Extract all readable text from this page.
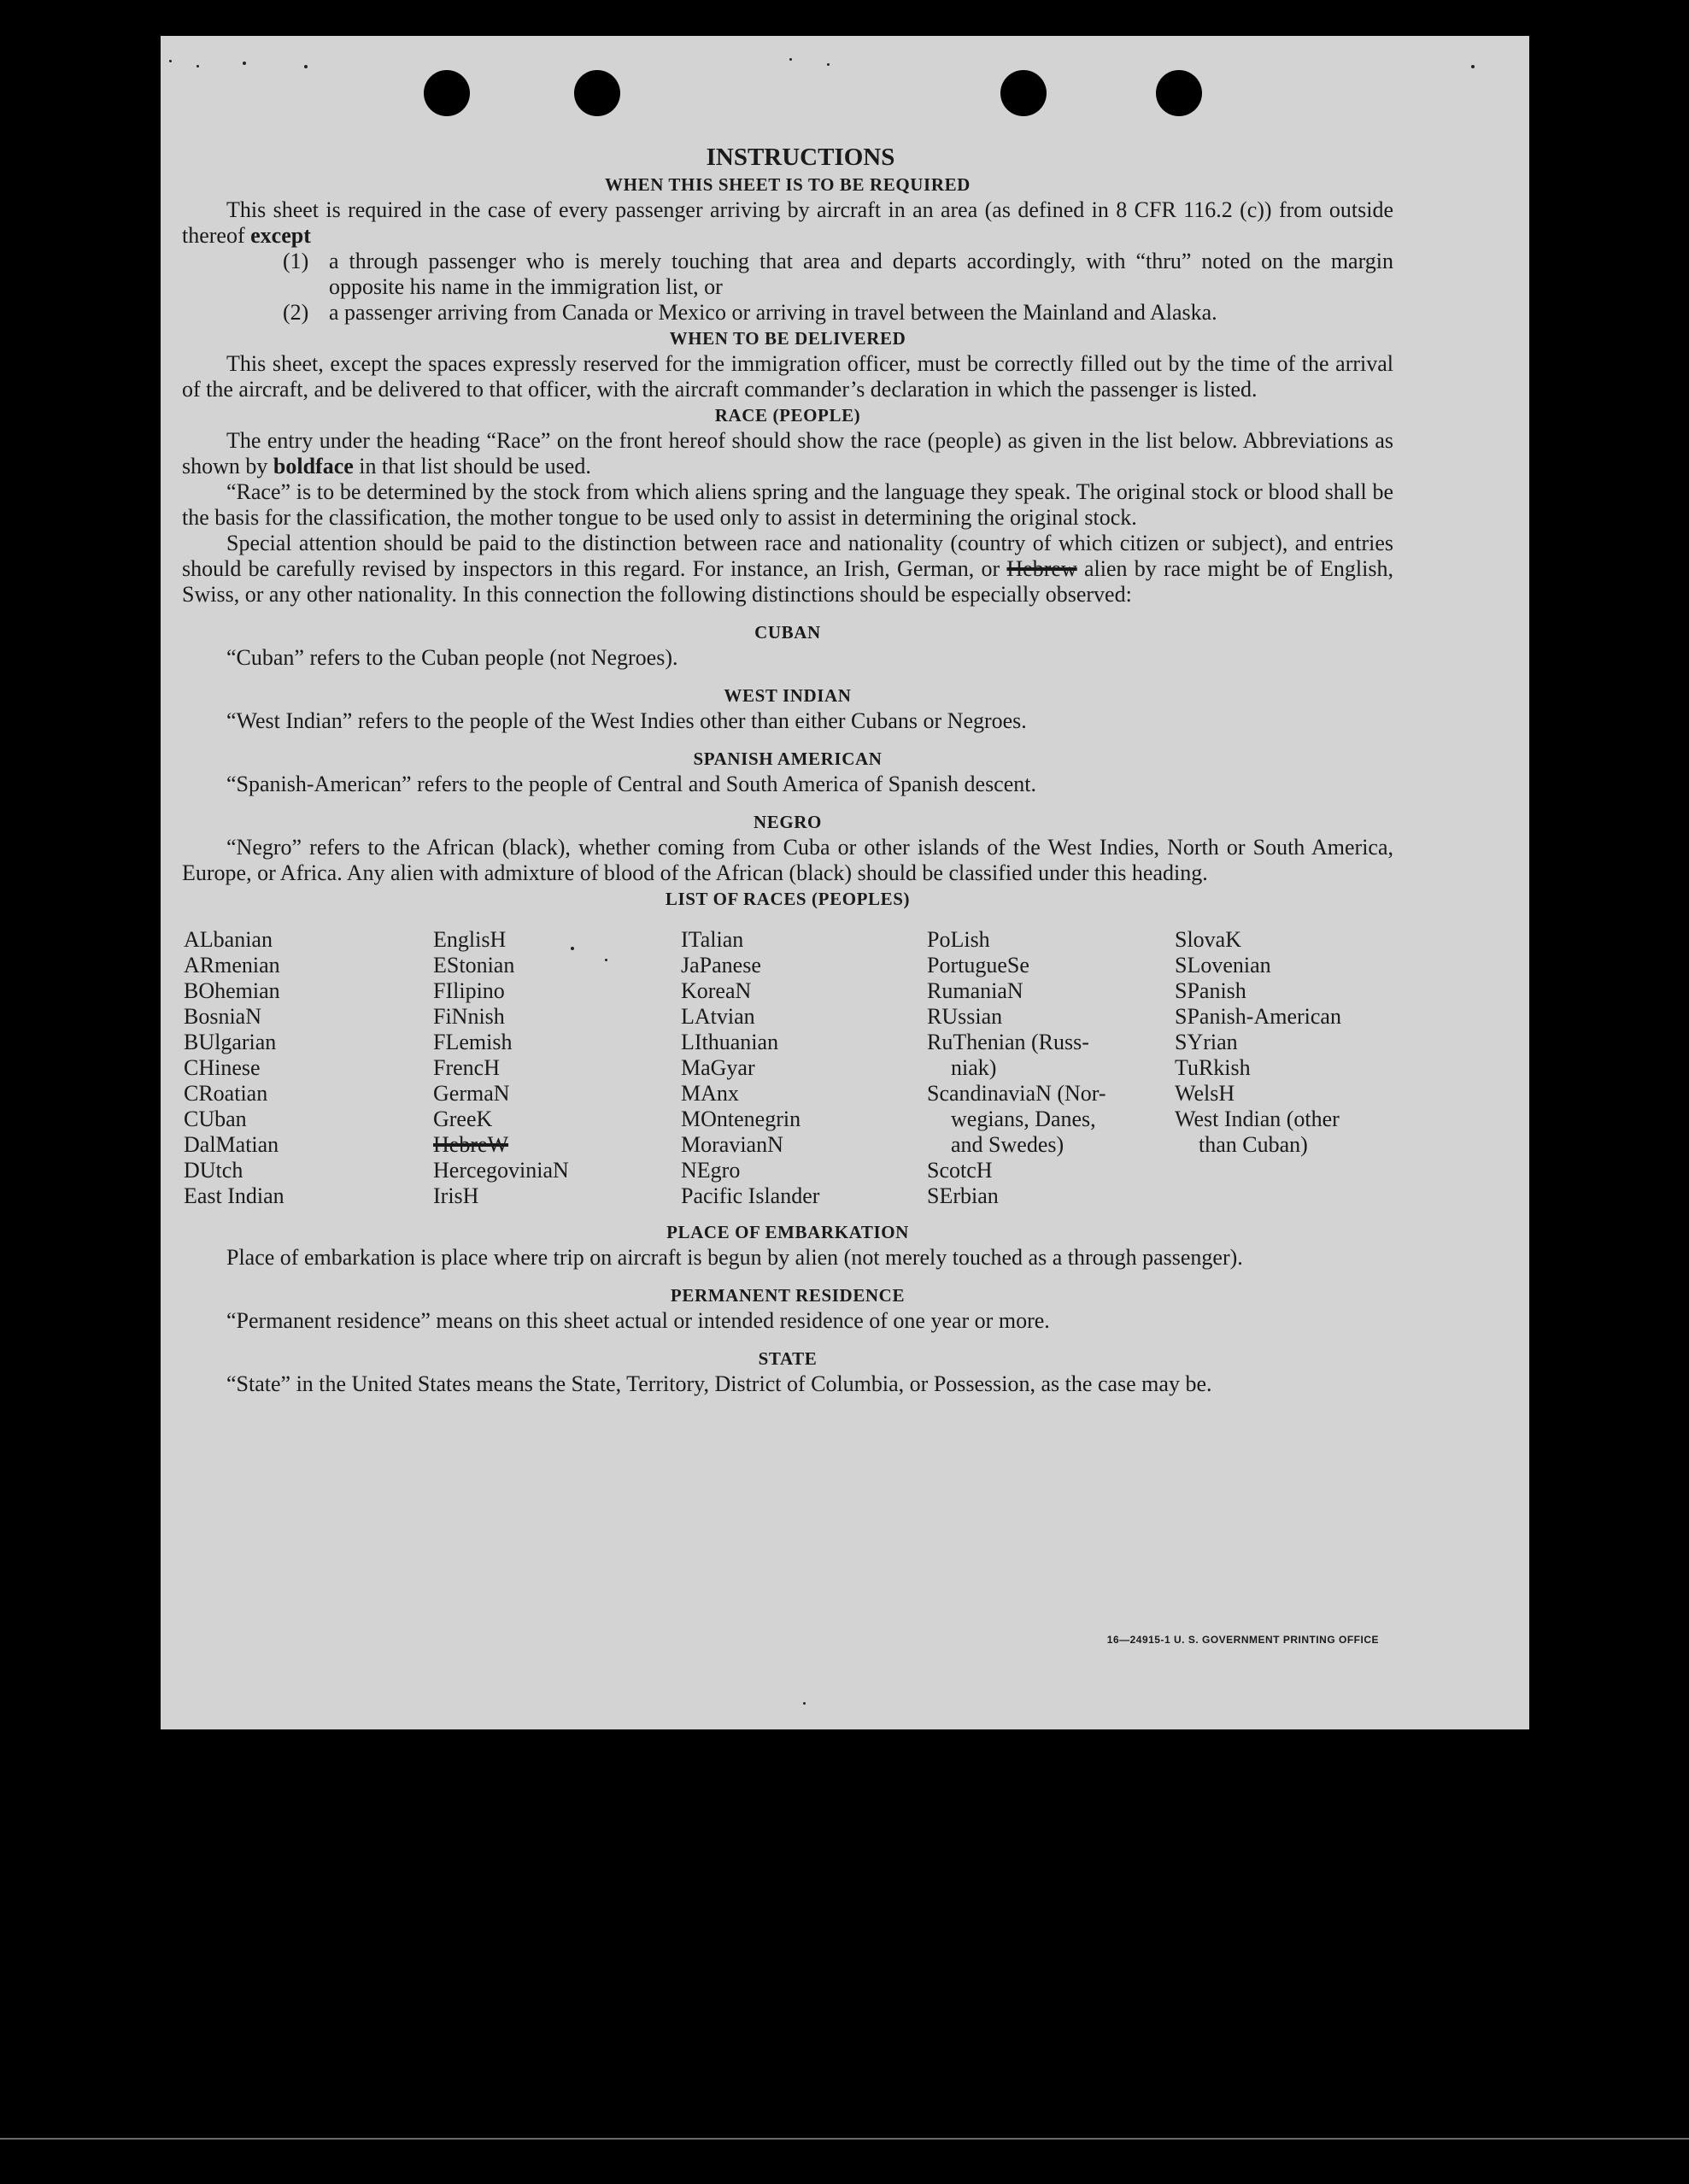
INSTRUCTIONS
WHEN THIS SHEET IS TO BE REQUIRED

This sheet is required in the case of every passenger arriving by aircraft in an area (as defined in 8 CFR 116.2 (c)) from outside thereof except

(1) a through passenger who is merely touching that area and departs accordingly, with “thru” noted on the margin opposite his name in the immigration list, or

(2) a passenger arriving from Canada or Mexico or arriving in travel between the Mainland and Alaska.

WHEN TO BE DELIVERED

This sheet, except the spaces expressly reserved for the immigration officer, must be correctly filled out by the time of the arrival of the aircraft, and be delivered to that officer, with the aircraft commander’s declaration in which the passenger is listed.

RACE (PEOPLE)

The entry under the heading “Race” on the front hereof should show the race (people) as given in the list below. Abbreviations as shown by boldface in that list should be used.

“Race” is to be determined by the stock from which aliens spring and the language they speak. The original stock or blood shall be the basis for the classification, the mother tongue to be used only to assist in determining the original stock.

Special attention should be paid to the distinction between race and nationality (country of which citizen or subject), and entries should be carefully revised by inspectors in this regard. For instance, an Irish, German, or Hebrew alien by race might be of English, Swiss, or any other nationality. In this connection the following distinctions should be especially observed:

CUBAN

“Cuban” refers to the Cuban people (not Negroes).

WEST INDIAN

“West Indian” refers to the people of the West Indies other than either Cubans or Negroes.

SPANISH AMERICAN

“Spanish-American” refers to the people of Central and South America of Spanish descent.

NEGRO

“Negro” refers to the African (black), whether coming from Cuba or other islands of the West Indies, North or South America, Europe, or Africa. Any alien with admixture of blood of the African (black) should be classified under this heading.

LIST OF RACES (PEOPLES)
ALbanian
ARmenian
BOhemian
BosniaN
BUlgarian
CHinese
CRoatian
CUban
DalMatian
DUtch
East Indian
EnglisH
EStonian
FIlipino
FiNnish
FLemish
FrencH
GermaN
GreeK
HebreW
HercegoviniaN
IrisH
ITalian
JaPanese
KoreaN
LAtvian
LIthuanian
MaGyar
MAnx
MOntenegrin
MoravianN
NEgro
Pacific Islander
PoLish
PortugueSe
RumaniaN
RUssian
RuThenian (Russ-
niak)
ScandinaviaN (Nor-
wegians, Danes,
and Swedes)
ScotcH
SErbian
SlovaK
SLovenian
SPanish
SPanish-American
SYrian
TuRkish
WelsH
West Indian (other
than Cuban)
PLACE OF EMBARKATION

Place of embarkation is place where trip on aircraft is begun by alien (not merely touched as a through passenger).

PERMANENT RESIDENCE

“Permanent residence” means on this sheet actual or intended residence of one year or more.

STATE

“State” in the United States means the State, Territory, District of Columbia, or Possession, as the case may be.

16—24915-1 U. S. GOVERNMENT PRINTING OFFICE
